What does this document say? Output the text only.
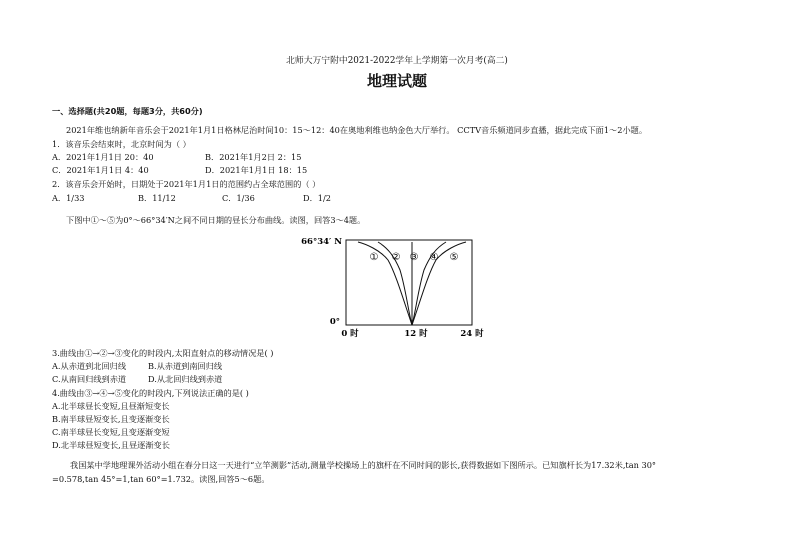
北师大万宁附中2021-2022学年上学期第一次月考(高二)
地理试题
一、选择题(共20题，每题3分，共60分)
2021年维也纳新年音乐会于2021年1月1日格林尼治时间10：15～12：40在奥地利维也纳金色大厅举行。 CCTV音乐频道同步直播，据此完成下面1～2小题。
1．该音乐会结束时，北京时间为（ ）
A．2021年1月1日 20：40	B．2021年1月2日 2：15
C．2021年1月1日 4：40	D．2021年1月1日 18：15
2．该音乐会开始时，日期处于2021年1月1日的范围约占全球范围的（ ）
A．1/33	B．11/12	C．1/36	D．1/2
下图中①～⑤为0°～66°34′N之间不同日期的昼长分布曲线。读图，回答3～4题。
66°34′ N
0°
① ② ③ ④ ⑤
0 时	12 时	24 时
3.曲线由①→②→③变化的时段内,太阳直射点的移动情况是( )
A.从赤道到北回归线	B.从赤道到南回归线
C.从南回归线到赤道	D.从北回归线到赤道
4.曲线由③→④→⑤变化的时段内,下列说法正确的是( )
A.北半球昼长变短,且昼渐短变长
B.南半球昼短变长,且变逐渐变长
C.南半球昼长变短,且变逐渐变短
D.北半球昼短变长,且昼逐渐变长
我国某中学地理课外活动小组在春分日这一天进行“立竿测影”活动,测量学校操场上的旗杆在不同时间的影长,获得数据如下图所示。已知旗杆长为17.32米,tan 30°
=0.578,tan 45°=1,tan 60°=1.732。读图,回答5～6题。
